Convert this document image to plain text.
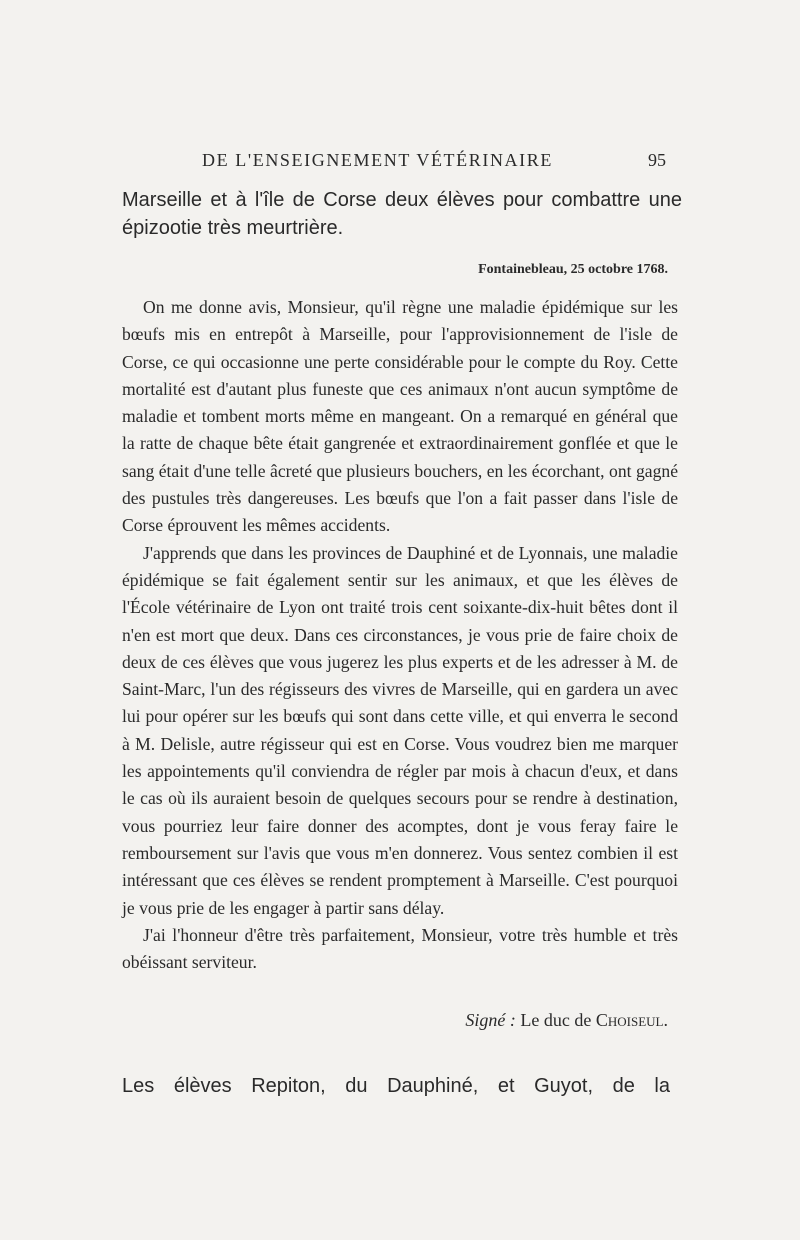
DE L'ENSEIGNEMENT VÉTÉRINAIRE	95
Marseille et à l'île de Corse deux élèves pour combattre une épizootie très meurtrière.
Fontainebleau, 25 octobre 1768.

On me donne avis, Monsieur, qu'il règne une maladie épidémique sur les bœufs mis en entrepôt à Marseille, pour l'approvisionnement de l'isle de Corse, ce qui occasionne une perte considérable pour le compte du Roy. Cette mortalité est d'autant plus funeste que ces animaux n'ont aucun symptôme de maladie et tombent morts même en mangeant. On a remarqué en général que la ratte de chaque bête était gangrenée et extraordinairement gonflée et que le sang était d'une telle âcreté que plusieurs bouchers, en les écorchant, ont gagné des pustules très dangereuses. Les bœufs que l'on a fait passer dans l'isle de Corse éprouvent les mêmes accidents.

J'apprends que dans les provinces de Dauphiné et de Lyonnais, une maladie épidémique se fait également sentir sur les animaux, et que les élèves de l'École vétérinaire de Lyon ont traité trois cent soixante-dix-huit bêtes dont il n'en est mort que deux. Dans ces circonstances, je vous prie de faire choix de deux de ces élèves que vous jugerez les plus experts et de les adresser à M. de Saint-Marc, l'un des régisseurs des vivres de Marseille, qui en gardera un avec lui pour opérer sur les bœufs qui sont dans cette ville, et qui enverra le second à M. Delisle, autre régisseur qui est en Corse. Vous voudrez bien me marquer les appointements qu'il conviendra de régler par mois à chacun d'eux, et dans le cas où ils auraient besoin de quelques secours pour se rendre à destination, vous pourriez leur faire donner des acomptes, dont je vous feray faire le remboursement sur l'avis que vous m'en donnerez. Vous sentez combien il est intéressant que ces élèves se rendent promptement à Marseille. C'est pourquoi je vous prie de les engager à partir sans délay.

J'ai l'honneur d'être très parfaitement, Monsieur, votre très humble et très obéissant serviteur.

Signé : Le duc de Choiseul.
Les élèves Repiton, du Dauphiné, et Guyot, de la
